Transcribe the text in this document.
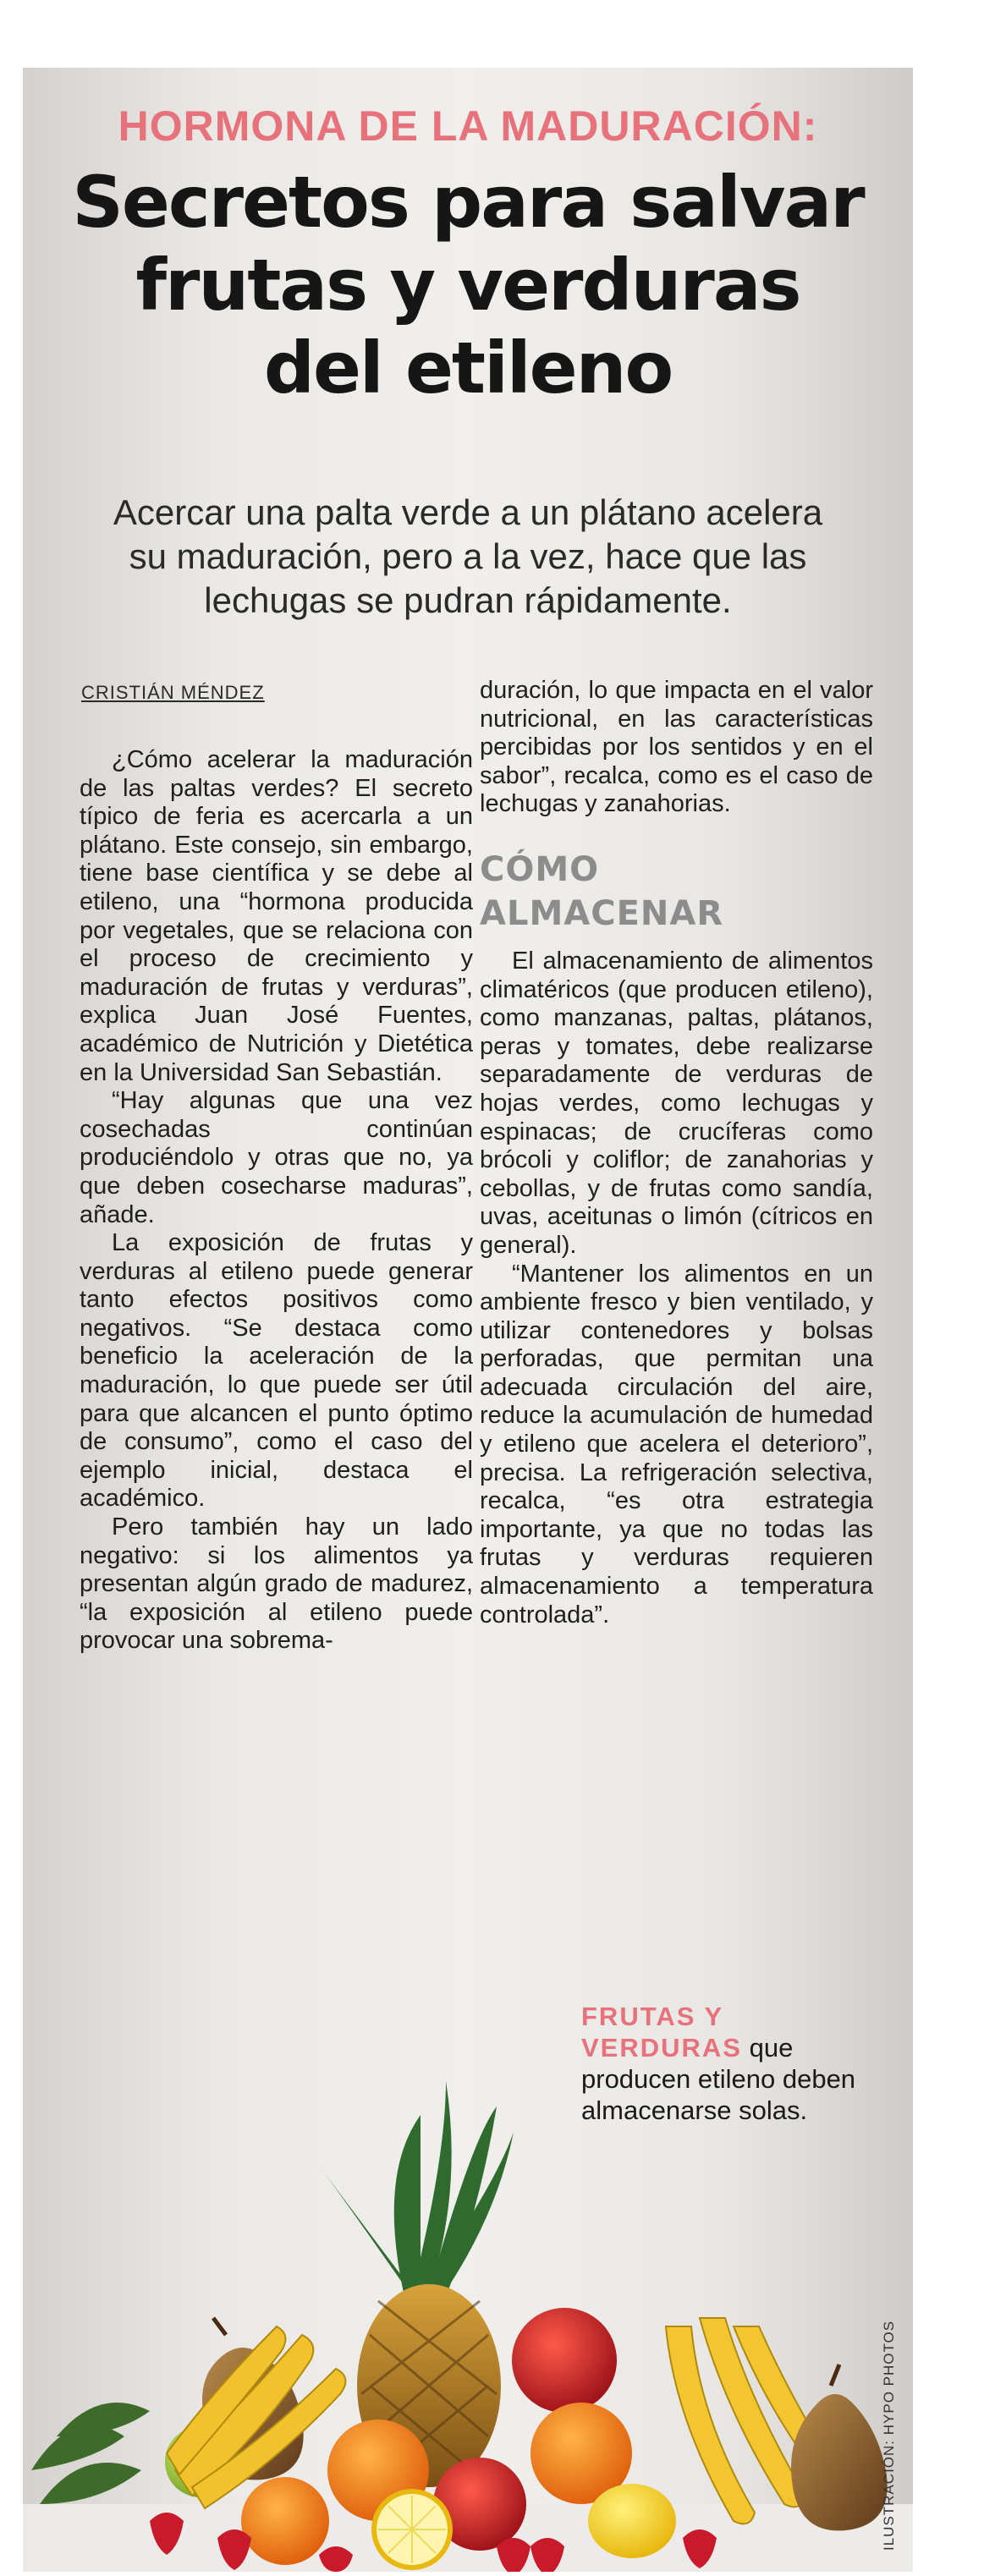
HORMONA DE LA MADURACIÓN:
Secretos para salvar
frutas y verduras
del etileno
Acercar una palta verde a un plátano acelera
su maduración, pero a la vez, hace que las
lechugas se pudran rápidamente.
CRISTIÁN MÉNDEZ

¿Cómo acelerar la maduración de las paltas verdes? El secreto típico de feria es acercarla a un plátano. Este consejo, sin embargo, tiene base científica y se debe al etileno, una “hormona producida por vegetales, que se relaciona con el proceso de crecimiento y maduración de frutas y verduras”, explica Juan José Fuentes, académico de Nutrición y Dietética en la Universidad San Sebastián.

“Hay algunas que una vez cosechadas continúan produciéndolo y otras que no, ya que deben cosecharse maduras”, añade.

La exposición de frutas y verduras al etileno puede generar tanto efectos positivos como negativos. “Se destaca como beneficio la aceleración de la maduración, lo que puede ser útil para que alcancen el punto óptimo de consumo”, como el caso del ejemplo inicial, destaca el académico.

Pero también hay un lado negativo: si los alimentos ya presentan algún grado de madurez, “la exposición al etileno puede provocar una sobrema-

duración, lo que impacta en el valor nutricional, en las características percibidas por los sentidos y en el sabor”, recalca, como es el caso de lechugas y zanahorias.

CÓMO
ALMACENAR

El almacenamiento de alimentos climatéricos (que producen etileno), como manzanas, paltas, plátanos, peras y tomates, debe realizarse separadamente de verduras de hojas verdes, como lechugas y espinacas; de crucíferas como brócoli y coliflor; de zanahorias y cebollas, y de frutas como sandía, uvas, aceitunas o limón (cítricos en general).

“Mantener los alimentos en un ambiente fresco y bien ventilado, y utilizar contenedores y bolsas perforadas, que permitan una adecuada circulación del aire, reduce la acumulación de humedad y etileno que acelera el deterioro”, precisa. La refrigeración selectiva, recalca, “es otra estrategia importante, ya que no todas las frutas y verduras requieren almacenamiento a temperatura controlada”.

FRUTAS Y
VERDURAS que producen etileno deben almacenarse solas.
ILUSTRACIÓN: HYPO PHOTOS
